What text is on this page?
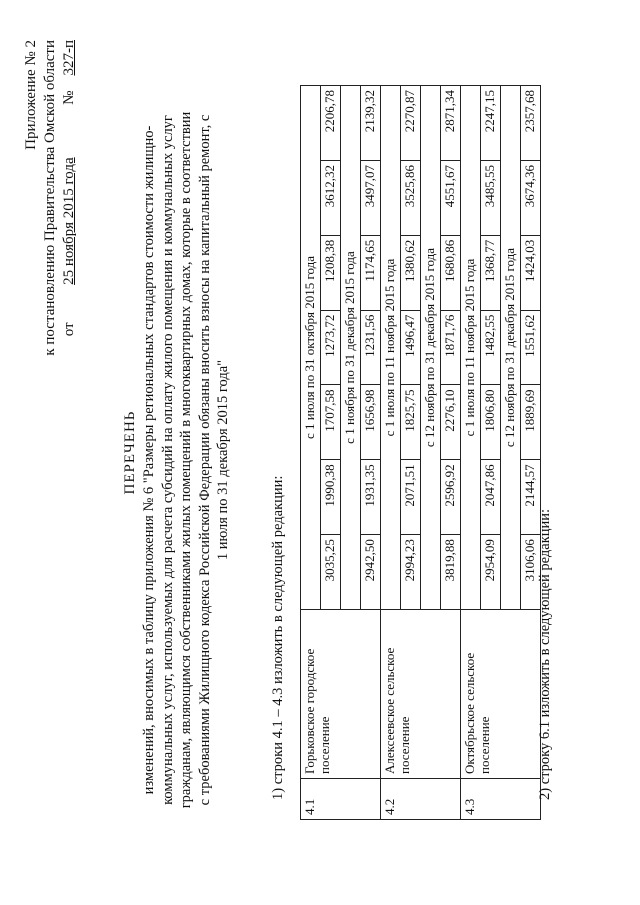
Приложение № 2 к постановлению Правительства Омской области от          25 ноября 2015 года              №    327-п
ПЕРЕЧЕНЬ изменений, вносимых в таблицу приложения № 6 "Размеры региональных стандартов стоимости жилищно-коммунальных услуг, используемых для расчета субсидий на оплату жилого помещения и коммунальных услуг гражданам, являющимся собственниками жилых помещений в многоквартирных домах, которые в соответствии с требованиями Жилищного кодекса Российской Федерации обязаны вносить взносы на капитальный ремонт, с 1 июля по 31 декабря 2015 года"
1) строки 4.1 – 4.3 изложить в следующей редакции:
4.1	Горьковское городское поселение	с 1 июля по 31 октября 2015 года						
		3035,25	1990,38	1707,58	1273,72	1208,38	3612,32	2206,78
		с 1 ноября по 31 декабря 2015 года						
		2942,50	1931,35	1656,98	1231,56	1174,65	3497,07	2139,32
4.2	Алексеевское сельское поселение	с 1 июля по 11 ноября 2015 года						
		2994,23	2071,51	1825,75	1496,47	1380,62	3525,86	2270,87
		с 12 ноября по 31 декабря 2015 года						
		3819,88	2596,92	2276,10	1871,76	1680,86	4551,67	2871,34
4.3	Октябрьское сельское поселение	с 1 июля по 11 ноября 2015 года						
		2954,09	2047,86	1806,80	1482,55	1368,77	3485,55	2247,15
		с 12 ноября по 31 декабря 2015 года						
		3106,06	2144,57	1889,69	1551,62	1424,03	3674,36	2357,68
2) строку 6.1 изложить в следующей редакции:
